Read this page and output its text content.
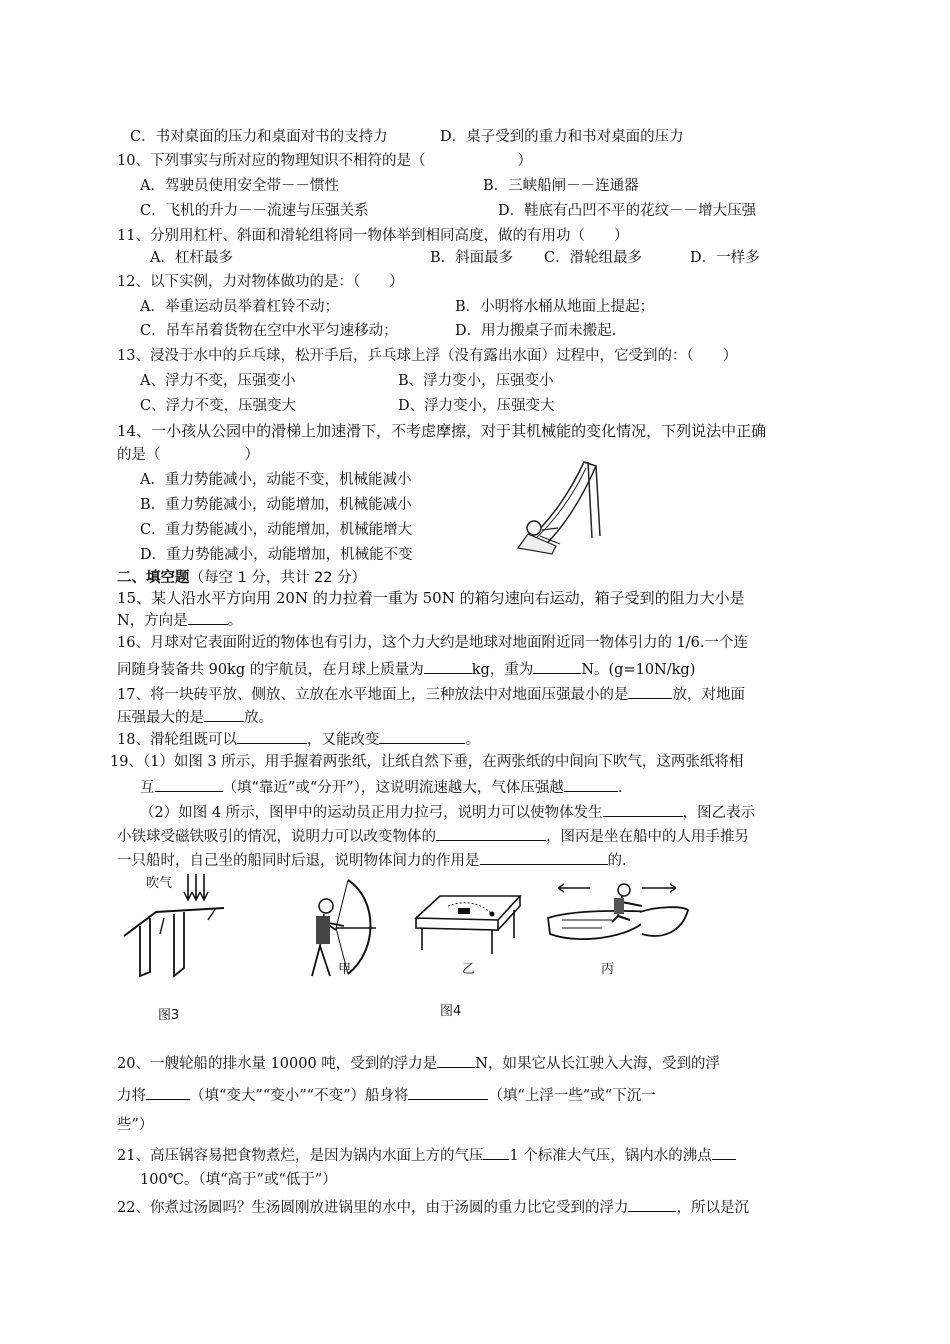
C．书对桌面的压力和桌面对书的支持力	D．桌子受到的重力和书对桌面的压力
10、下列事实与所对应的物理知识不相符的是（	）
A．驾驶员使用安全带－－惯性	B．三峡船闸－－连通器
C．飞机的升力－－流速与压强关系	D．鞋底有凸凹不平的花纹－－增大压强
11、分别用杠杆、斜面和滑轮组将同一物体举到相同高度，做的有用功（　　）
A．杠杆最多	B．斜面最多 C．滑轮组最多	D．一样多
12、以下实例，力对物体做功的是：（　　）
A．举重运动员举着杠铃不动；	B．小明将水桶从地面上提起；
C．吊车吊着货物在空中水平匀速移动；	D．用力搬桌子而未搬起.
13、浸没于水中的乒乓球，松开手后，乒乓球上浮（没有露出水面）过程中，它受到的：（　　）
A、浮力不变，压强变小	B、浮力变小，压强变小
C、浮力不变，压强变大	D、浮力变小，压强变大
14、一小孩从公园中的滑梯上加速滑下，不考虑摩擦，对于其机械能的变化情况，下列说法中正确
的是（	）
A．重力势能减小，动能不变，机械能减小
B．重力势能减小，动能增加，机械能减小
C．重力势能减小，动能增加，机械能增大
D．重力势能减小，动能增加，机械能不变
二、填空题（每空 1 分，共计 22 分）
15、某人沿水平方向用 20N 的力拉着一重为 50N 的箱匀速向右运动，箱子受到的阻力大小是
N，方向是	。
16、月球对它表面附近的物体也有引力，这个力大约是地球对地面附近同一物体引力的 1/6.一个连
同随身装备共 90kg 的宇航员，在月球上质量为	kg，重为	N。(g=10N/kg)
17、将一块砖平放、侧放、立放在水平地面上，三种放法中对地面压强最小的是	放，对地面
压强最大的是	放。
18、滑轮组既可以	，又能改变	。
19、（1）如图 3 所示，用手握着两张纸，让纸自然下垂，在两张纸的中间向下吹气，这两张纸将相
互	（填“靠近”或“分开”），这说明流速越大，气体压强越	.
（2）如图 4 所示，图甲中的运动员正用力拉弓，说明力可以使物体发生	，图乙表示
小铁球受磁铁吸引的情况，说明力可以改变物体的	，图丙是坐在船中的人用手推另
一只船时，自己坐的船同时后退，说明物体间力的作用是	的.
吹气
图3
甲	乙	丙
图4
20、一艘轮船的排水量 10000 吨，受到的浮力是	N，如果它从长江驶入大海，受到的浮
力将	（填“变大”“变小”“不变”）船身将	（填“上浮一些”或“下沉一
些”）
21、高压锅容易把食物煮烂，是因为锅内水面上方的气压 1 个标准大气压，锅内水的沸点
100℃。（填“高于”或“低于”）
22、你煮过汤圆吗？生汤圆刚放进锅里的水中，由于汤圆的重力比它受到的浮力	，所以是沉
